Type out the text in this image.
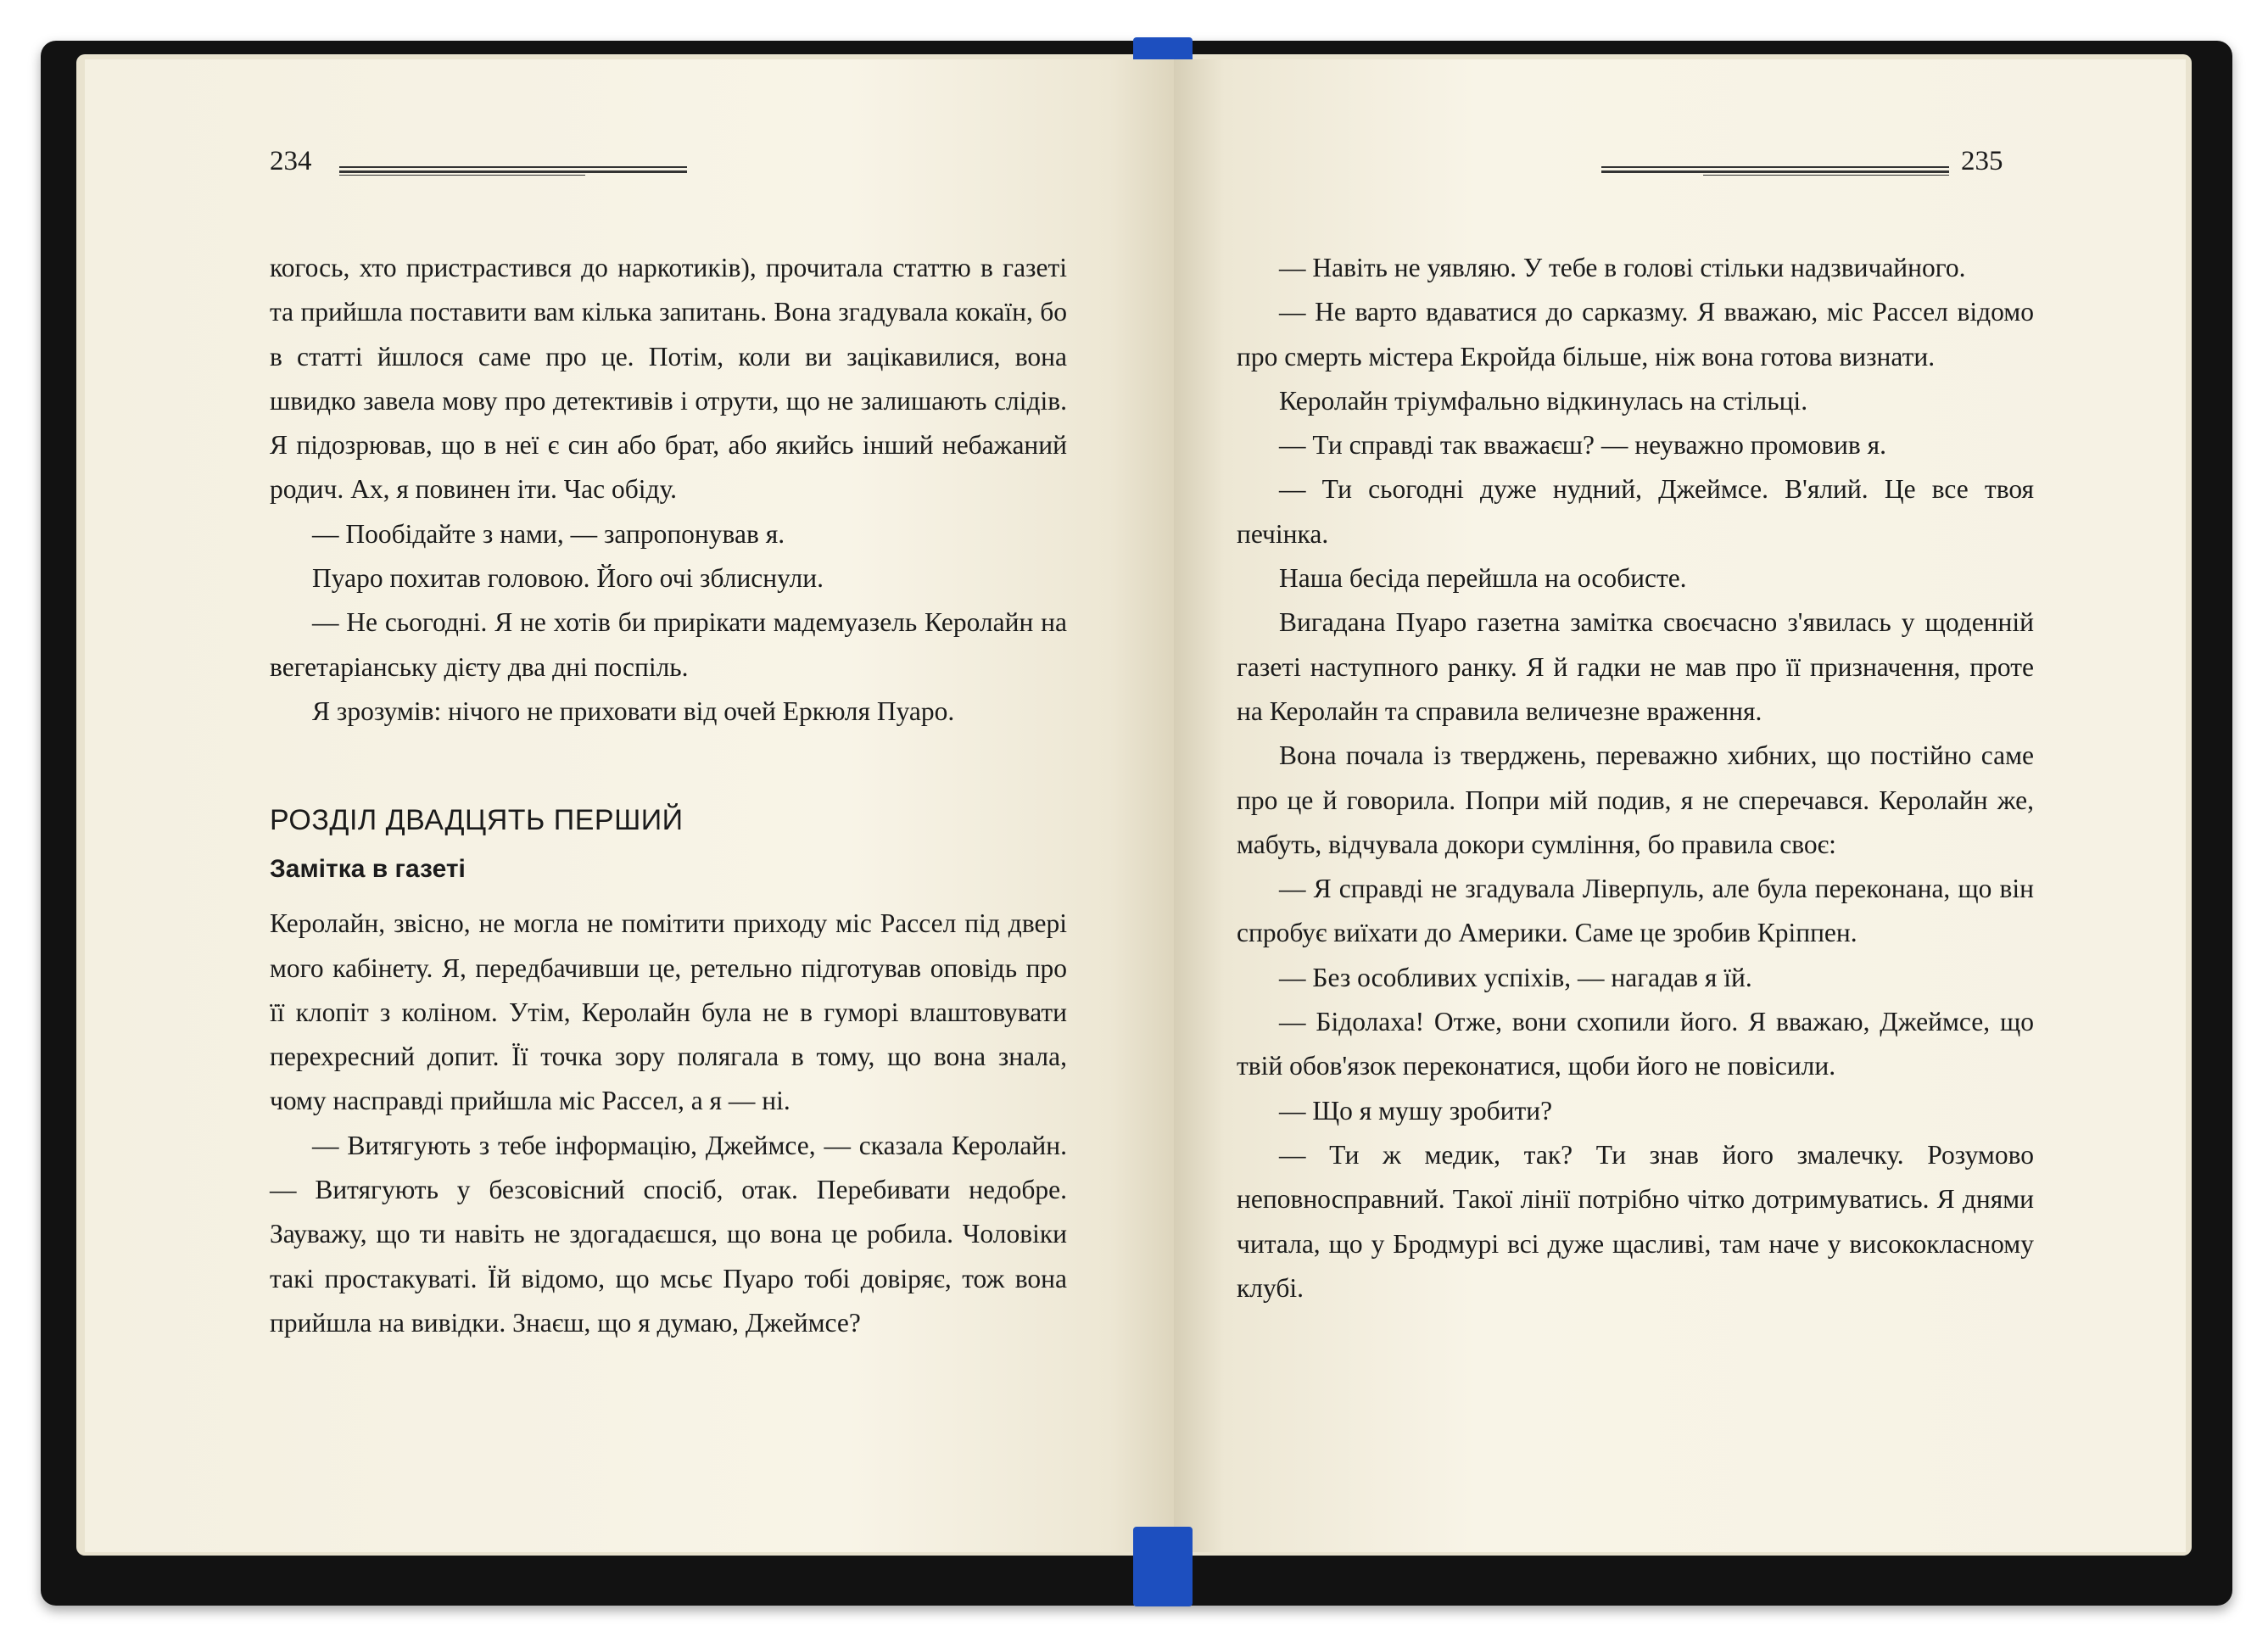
234	235

когось, хто пристрастився до наркотиків), прочитала статтю в газеті та прийшла поставити вам кілька запитань. Вона згадувала кокаїн, бо в статті йшлося саме про це. Потім, коли ви зацікавилися, вона швидко завела мову про детективів і отрути, що не залишають слідів. Я підозрював, що в неї є син або брат, або якийсь інший небажаний родич. Ах, я повинен іти. Час обіду.

— Пообідайте з нами, — запропонував я.

Пуаро похитав головою. Його очі зблиснули.

— Не сьогодні. Я не хотів би прирікати мадемуазель Керолайн на вегетаріанську дієту два дні поспіль.

Я зрозумів: нічого не приховати від очей Еркюля Пуаро.

РОЗДІЛ ДВАДЦЯТЬ ПЕРШИЙ

Замітка в газеті

Керолайн, звісно, не могла не помітити приходу міс Рассел під двері мого кабінету. Я, передбачивши це, ретельно підготував оповідь про її клопіт з коліном. Утім, Керолайн була не в гуморі влаштовувати перехресний допит. Її точка зору полягала в тому, що вона знала, чому насправді прийшла міс Рассел, а я — ні.

— Витягують з тебе інформацію, Джеймсе, — сказала Керолайн. — Витягують у безсовісний спосіб, отак. Перебивати недобре. Зауважу, що ти навіть не здогадаєшся, що вона це робила. Чоловіки такі простакуваті. Їй відомо, що мсьє Пуаро тобі довіряє, тож вона прийшла на вивідки. Знаєш, що я думаю, Джеймсе?

— Навіть не уявляю. У тебе в голові стільки надзвичайного.

— Не варто вдаватися до сарказму. Я вважаю, міс Рассел відомо про смерть містера Екройда більше, ніж вона готова визнати.

Керолайн тріумфально відкинулась на стільці.

— Ти справді так вважаєш? — неуважно промовив я.

— Ти сьогодні дуже нудний, Джеймсе. В'ялий. Це все твоя печінка.

Наша бесіда перейшла на особисте.

Вигадана Пуаро газетна замітка своєчасно з'явилась у щоденній газеті наступного ранку. Я й гадки не мав про її призначення, проте на Керолайн та справила величезне враження.

Вона почала із тверджень, переважно хибних, що постійно саме про це й говорила. Попри мій подив, я не сперечався. Керолайн же, мабуть, відчувала докори сумління, бо правила своє:

— Я справді не згадувала Ліверпуль, але була переконана, що він спробує виїхати до Америки. Саме це зробив Кріппен.

— Без особливих успіхів, — нагадав я їй.

— Бідолаха! Отже, вони схопили його. Я вважаю, Джеймсе, що твій обов'язок переконатися, щоби його не повісили.

— Що я мушу зробити?

— Ти ж медик, так? Ти знав його змалечку. Розумово неповносправний. Такої лінії потрібно чітко дотримуватись. Я днями читала, що у Бродмурі всі дуже щасливі, там наче у висококласному клубі.
